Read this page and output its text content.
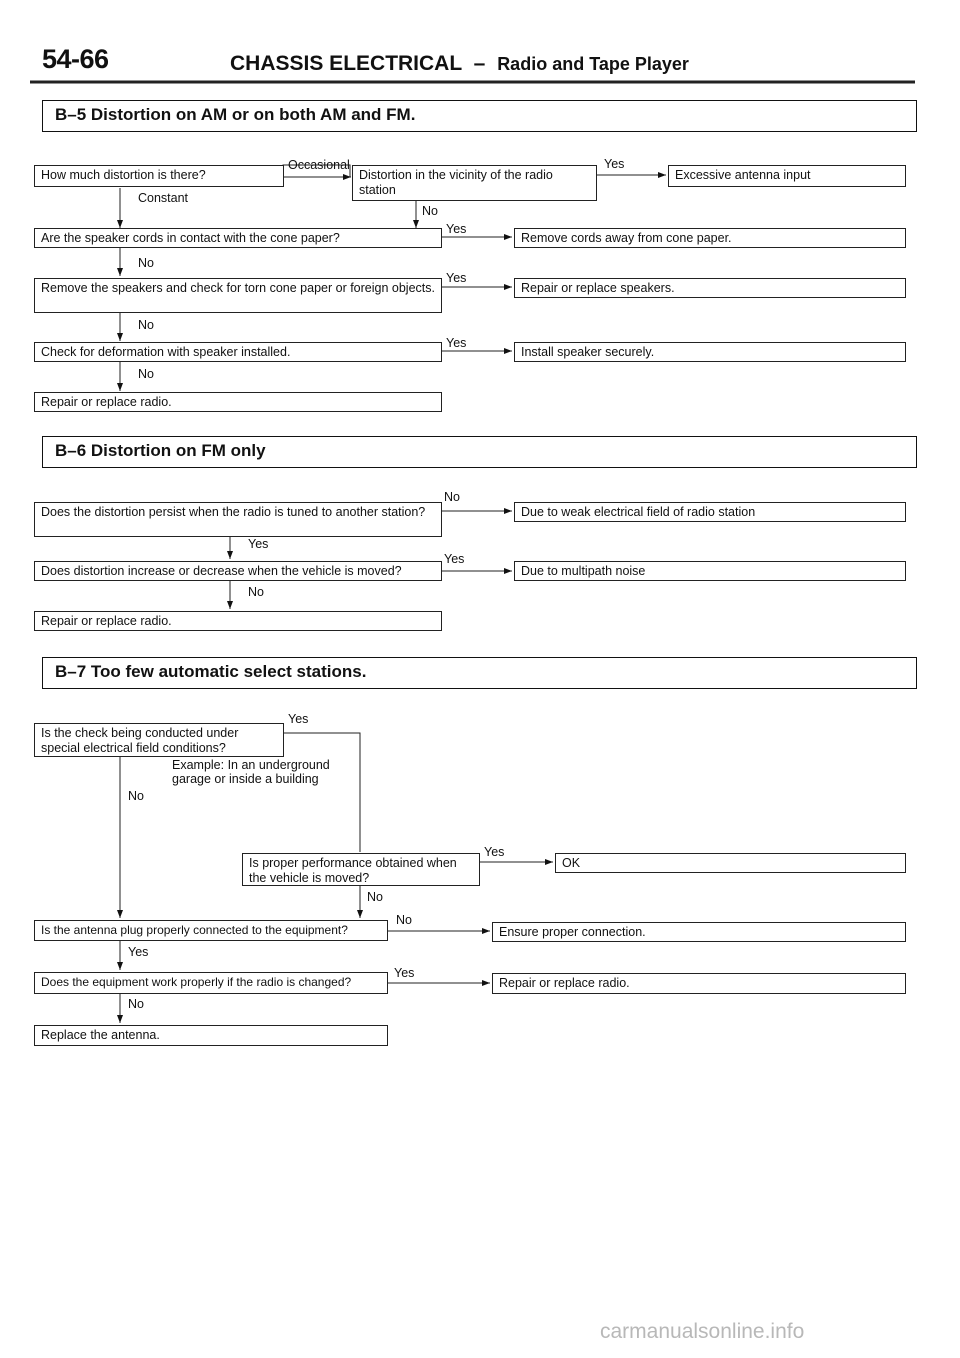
54-66	CHASSIS ELECTRICAL – Radio and Tape Player
B–5 Distortion on AM or on both AM and FM.
How much distortion is there?
Occasional
Constant
Distortion in the vicinity of the radio station
Yes
Excessive antenna input
No
Are the speaker cords in contact with the cone paper?
Yes
Remove cords away from cone paper.
No
Remove the speakers and check for torn cone paper or foreign objects.
Yes
Repair or replace speakers.
No
Check for deformation with speaker installed.
Yes
Install speaker securely.
No
Repair or replace radio.
B–6 Distortion on FM only
Does the distortion persist when the radio is tuned to another station?
No
Due to weak electrical field of radio station
Yes
Does distortion increase or decrease when the vehicle is moved?
Yes
Due to multipath noise
No
Repair or replace radio.
B–7 Too few automatic select stations.
Is the check being conducted under special electrical field conditions?
Yes
Example: In an underground garage or inside a building
No
Is proper performance obtained when the vehicle is moved?
Yes
OK
No
Is the antenna plug properly connected to the equipment?
No
Ensure proper connection.
Yes
Does the equipment work properly if the radio is changed?
Yes
Repair or replace radio.
No
Replace the antenna.
carmanualsonline.info
